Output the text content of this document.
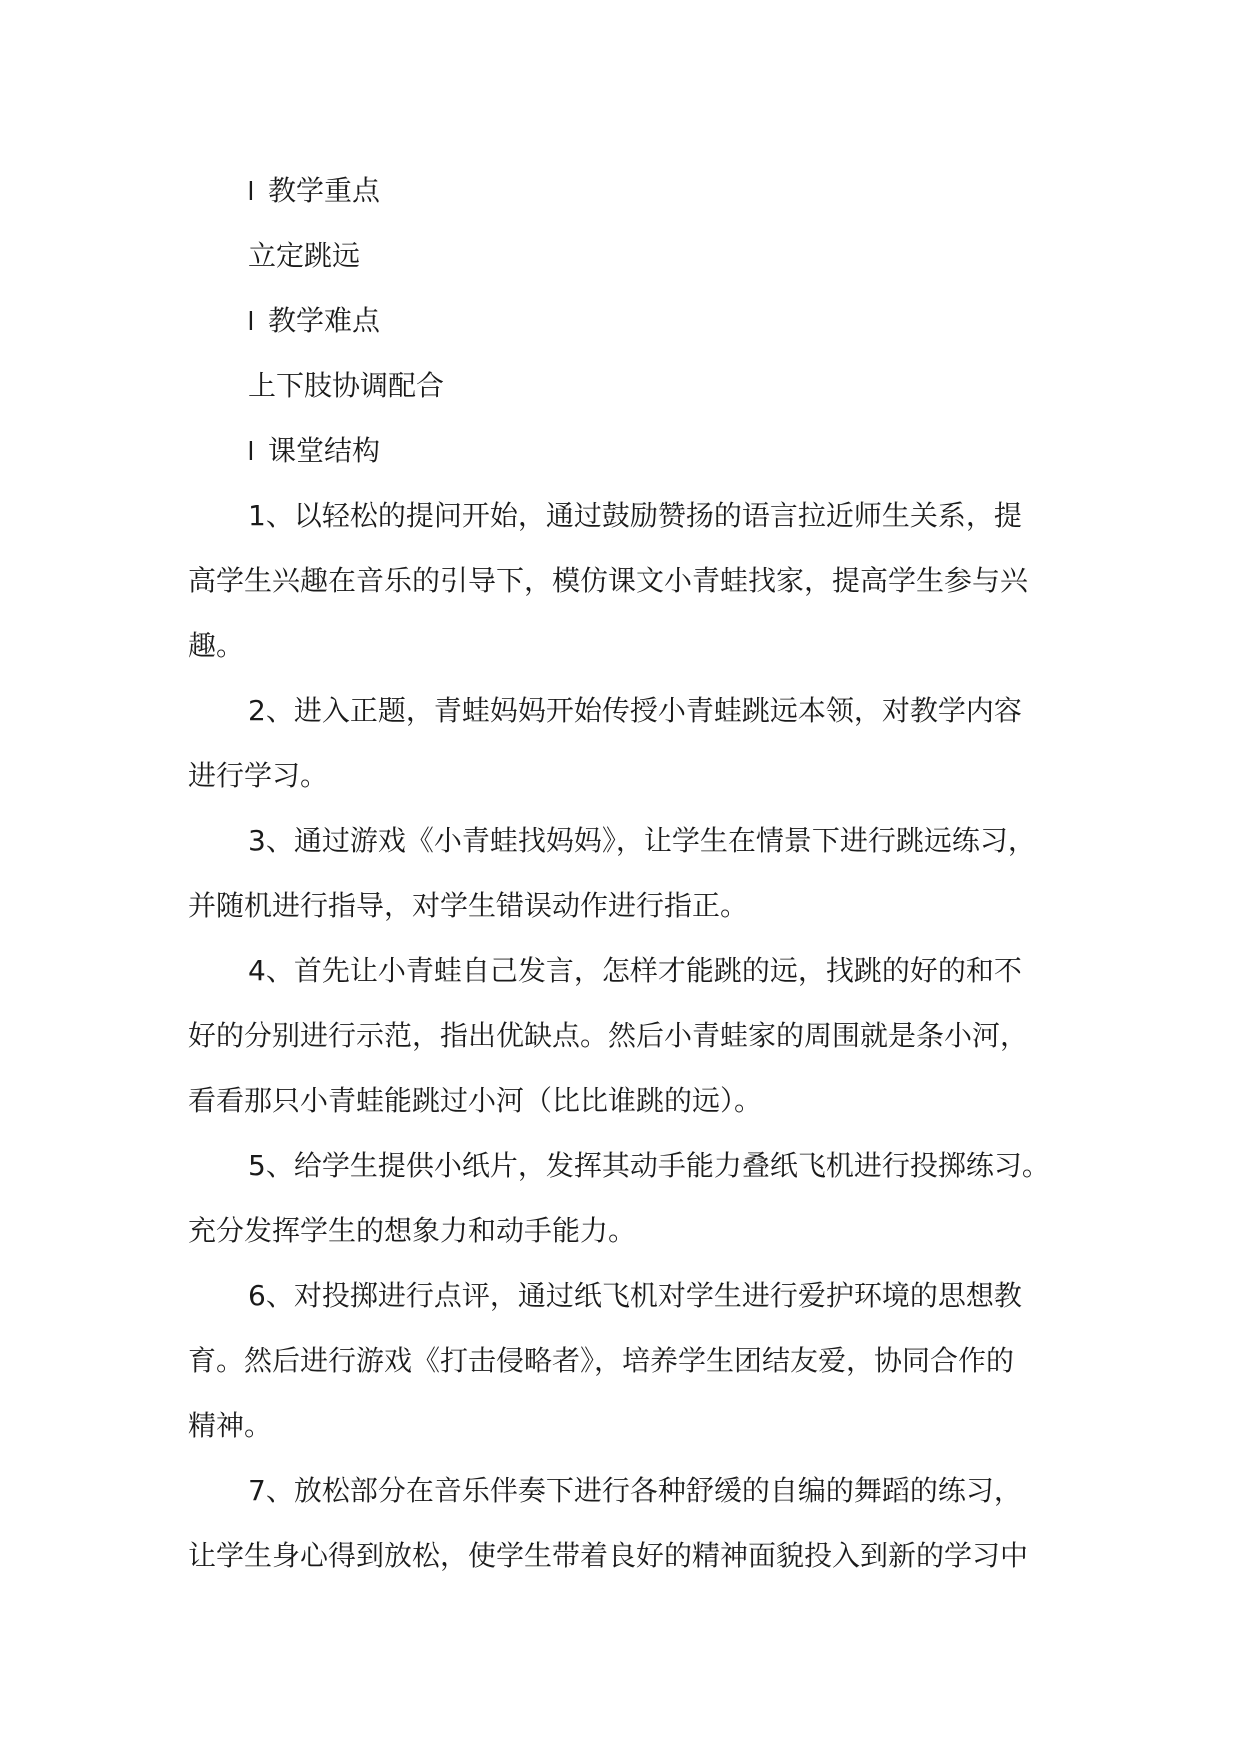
l 教学重点
立定跳远
l 教学难点
上下肢协调配合
l 课堂结构
1、以轻松的提问开始，通过鼓励赞扬的语言拉近师生关系，提
高学生兴趣在音乐的引导下，模仿课文小青蛙找家，提高学生参与兴
趣。
2、进入正题，青蛙妈妈开始传授小青蛙跳远本领，对教学内容
进行学习。
3、通过游戏《小青蛙找妈妈》，让学生在情景下进行跳远练习，
并随机进行指导，对学生错误动作进行指正。
4、首先让小青蛙自己发言，怎样才能跳的远，找跳的好的和不
好的分别进行示范，指出优缺点。然后小青蛙家的周围就是条小河，
看看那只小青蛙能跳过小河（比比谁跳的远）。
5、给学生提供小纸片，发挥其动手能力叠纸飞机进行投掷练习。
充分发挥学生的想象力和动手能力。
6、对投掷进行点评，通过纸飞机对学生进行爱护环境的思想教
育。然后进行游戏《打击侵略者》，培养学生团结友爱，协同合作的
精神。
7、放松部分在音乐伴奏下进行各种舒缓的自编的舞蹈的练习，
让学生身心得到放松，使学生带着良好的精神面貌投入到新的学习中
